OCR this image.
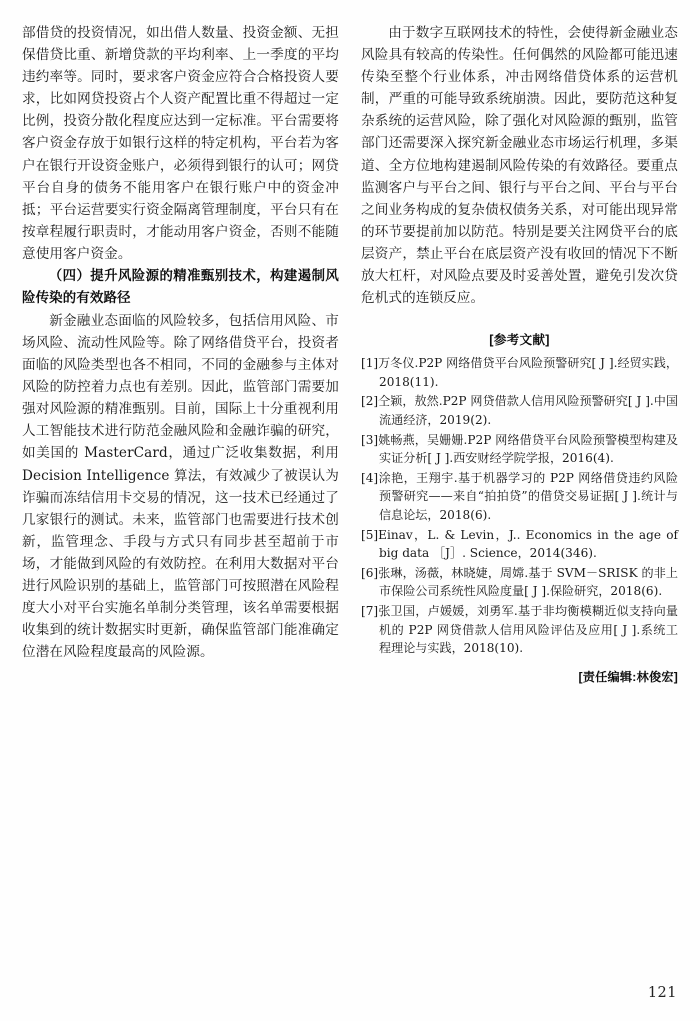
部借贷的投资情况，如出借人数量、投资金额、无担保借贷比重、新增贷款的平均利率、上一季度的平均违约率等。同时，要求客户资金应符合合格投资人要求，比如网贷投资占个人资产配置比重不得超过一定比例，投资分散化程度应达到一定标准。平台需要将客户资金存放于如银行这样的特定机构，平台若为客户在银行开设资金账户，必须得到银行的认可；网贷平台自身的债务不能用客户在银行账户中的资金冲抵；平台运营要实行资金隔离管理制度，平台只有在按章程履行职责时，才能动用客户资金，否则不能随意使用客户资金。

（四）提升风险源的精准甄别技术，构建遏制风险传染的有效路径

新金融业态面临的风险较多，包括信用风险、市场风险、流动性风险等。除了网络借贷平台，投资者面临的风险类型也各不相同，不同的金融参与主体对风险的防控着力点也有差别。因此，监管部门需要加强对风险源的精准甄别。目前，国际上十分重视利用人工智能技术进行防范金融风险和金融诈骗的研究，如美国的 MasterCard，通过广泛收集数据，利用 Decision Intelligence 算法，有效减少了被误认为诈骗而冻结信用卡交易的情况，这一技术已经通过了几家银行的测试。未来，监管部门也需要进行技术创新，监管理念、手段与方式只有同步甚至超前于市场，才能做到风险的有效防控。在利用大数据对平台进行风险识别的基础上，监管部门可按照潜在风险程度大小对平台实施名单制分类管理，该名单需要根据收集到的统计数据实时更新，确保监管部门能准确定位潜在风险程度最高的风险源。

由于数字互联网技术的特性，会使得新金融业态风险具有较高的传染性。任何偶然的风险都可能迅速传染至整个行业体系，冲击网络借贷体系的运营机制，严重的可能导致系统崩溃。因此，要防范这种复杂系统的运营风险，除了强化对风险源的甄别，监管部门还需要深入探究新金融业态市场运行机理，多渠道、全方位地构建遏制风险传染的有效路径。要重点监测客户与平台之间、银行与平台之间、平台与平台之间业务构成的复杂债权债务关系，对可能出现异常的环节要提前加以防范。特别是要关注网贷平台的底层资产，禁止平台在底层资产没有收回的情况下不断放大杠杆，对风险点要及时妥善处置，避免引发次贷危机式的连锁反应。

[参考文献]

[1]万冬仪.P2P 网络借贷平台风险预警研究[ J ].经贸实践，2018(11).

[2]仝颖，敖然.P2P 网贷借款人信用风险预警研究[ J ].中国流通经济，2019(2).

[3]姚畅燕，吴姗姗.P2P 网络借贷平台风险预警模型构建及实证分析[ J ].西安财经学院学报，2016(4).

[4]涂艳，王翔宇.基于机器学习的 P2P 网络借贷违约风险预警研究——来自“拍拍贷”的借贷交易证据[ J ].统计与信息论坛，2018(6).

[5]Einav，L. & Levin，J.. Economics in the age of big data ［J］. Science，2014(346).

[6]张琳，汤薇，林晓婕，周嫦.基于 SVM－SRISK 的非上市保险公司系统性风险度量[ J ].保险研究，2018(6).

[7]张卫国，卢媛媛，刘勇军.基于非均衡模糊近似支持向量机的 P2P 网贷借款人信用风险评估及应用[ J ].系统工程理论与实践，2018(10).

[责任编辑:林俊宏]

121
